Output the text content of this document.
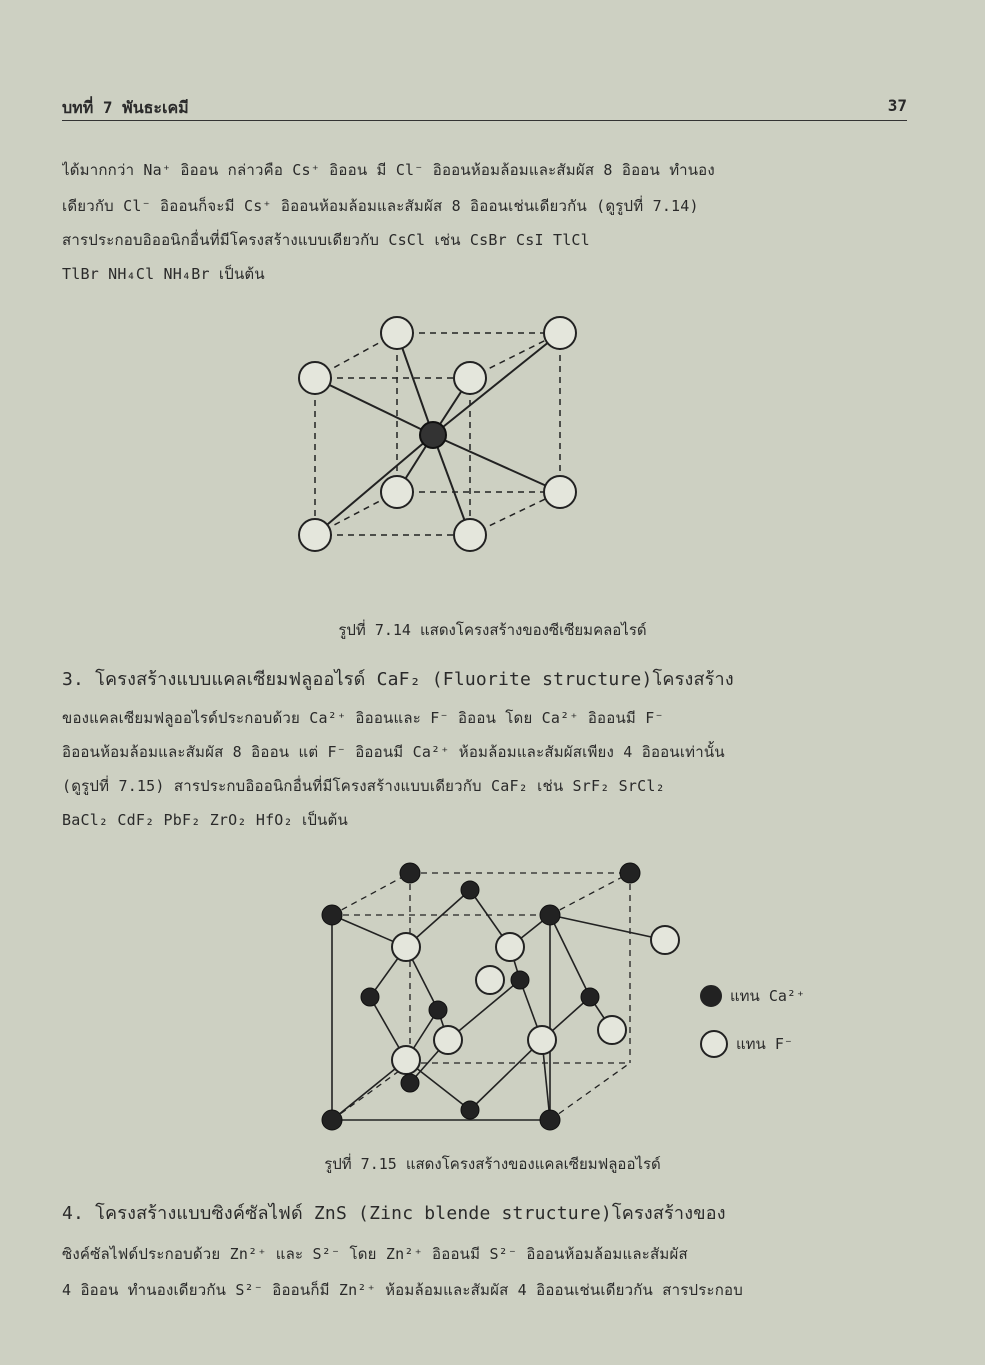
บทที่ 7 พันธะเคมี	37
ได้มากกว่า Na⁺ อิออน กล่าวคือ Cs⁺ อิออน มี Cl⁻ อิออนห้อมล้อมและสัมผัส 8 อิออน ทำนอง
เดียวกับ Cl⁻ อิออนก็จะมี Cs⁺ อิออนห้อมล้อมและสัมผัส 8 อิออนเช่นเดียวกัน (ดูรูปที่ 7.14)
สารประกอบอิออนิกอื่นที่มีโครงสร้างแบบเดียวกับ CsCl เช่น CsBr CsI TlCl
TlBr NH₄Cl NH₄Br เป็นต้น
รูปที่ 7.14 แสดงโครงสร้างของซีเซียมคลอไรด์
3. โครงสร้างแบบแคลเซียมฟลูออไรด์ CaF₂ (Fluorite structure)โครงสร้าง
ของแคลเซียมฟลูออไรด์ประกอบด้วย Ca²⁺ อิออนและ F⁻ อิออน โดย Ca²⁺ อิออนมี F⁻
อิออนห้อมล้อมและสัมผัส 8 อิออน แต่ F⁻ อิออนมี Ca²⁺ ห้อมล้อมและสัมผัสเพียง 4 อิออนเท่านั้น
(ดูรูปที่ 7.15) สารประกบอิออนิกอื่นที่มีโครงสร้างแบบเดียวกับ CaF₂ เช่น SrF₂ SrCl₂
BaCl₂ CdF₂ PbF₂ ZrO₂ HfO₂ เป็นต้น
แทน Ca²⁺
แทน F⁻
รูปที่ 7.15 แสดงโครงสร้างของแคลเซียมฟลูออไรด์
4. โครงสร้างแบบซิงค์ซัลไฟด์ ZnS (Zinc blende structure)โครงสร้างของ
ซิงค์ซัลไฟด์ประกอบด้วย Zn²⁺ และ S²⁻ โดย Zn²⁺ อิออนมี S²⁻ อิออนห้อมล้อมและสัมผัส
4 อิออน ทำนองเดียวกัน S²⁻ อิออนก็มี Zn²⁺ ห้อมล้อมและสัมผัส 4 อิออนเช่นเดียวกัน สารประกอบ
